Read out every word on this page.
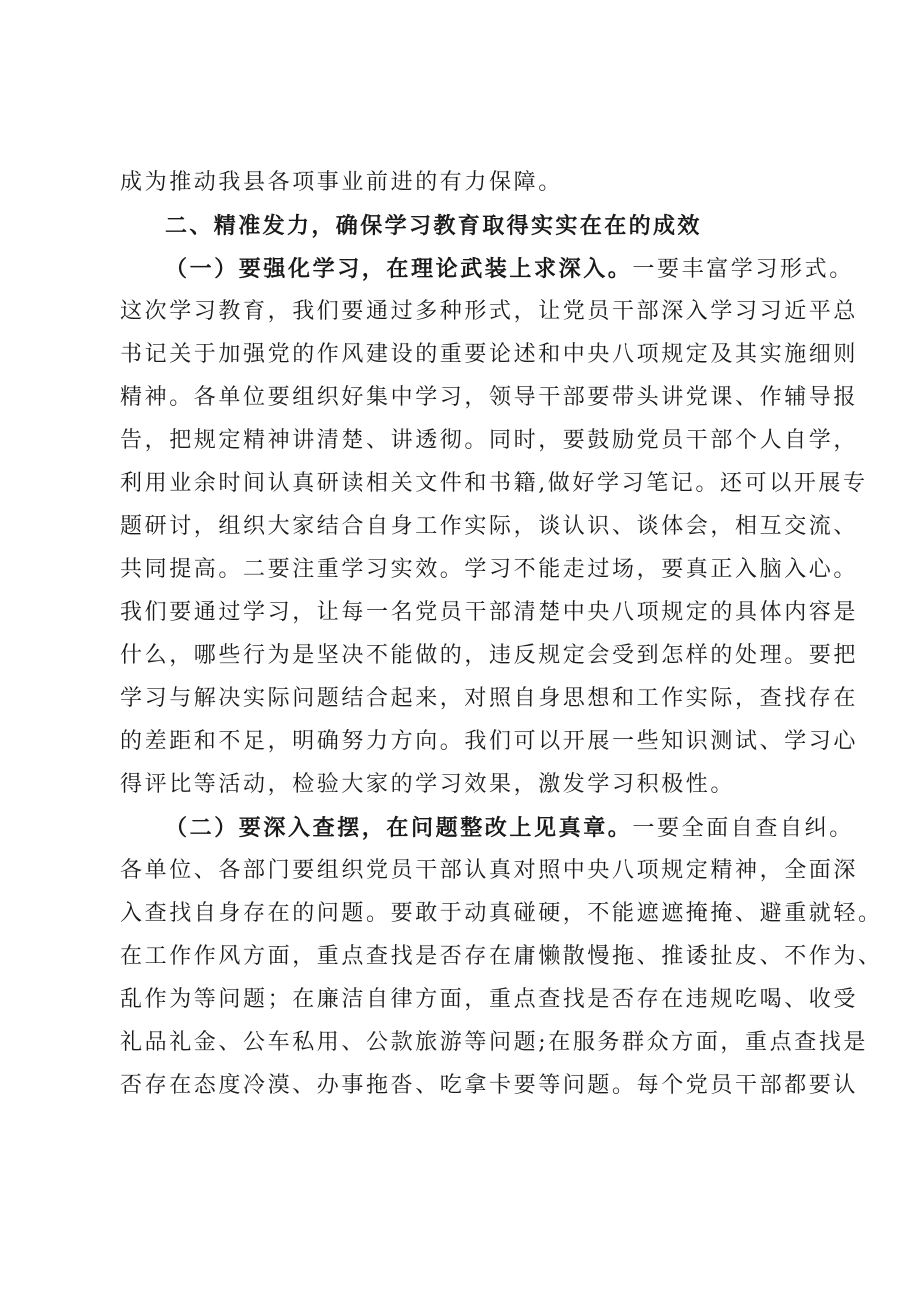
成为推动我县各项事业前进的有力保障。
二、精准发力，确保学习教育取得实实在在的成效
（一）要强化学习，在理论武装上求深入。一要丰富学习形式。
这次学习教育，我们要通过多种形式，让党员干部深入学习习近平总
书记关于加强党的作风建设的重要论述和中央八项规定及其实施细则
精神。各单位要组织好集中学习，领导干部要带头讲党课、作辅导报
告，把规定精神讲清楚、讲透彻。同时，要鼓励党员干部个人自学，
利用业余时间认真研读相关文件和书籍,做好学习笔记。还可以开展专
题研讨，组织大家结合自身工作实际，谈认识、谈体会，相互交流、
共同提高。二要注重学习实效。学习不能走过场，要真正入脑入心。
我们要通过学习，让每一名党员干部清楚中央八项规定的具体内容是
什么，哪些行为是坚决不能做的，违反规定会受到怎样的处理。要把
学习与解决实际问题结合起来，对照自身思想和工作实际，查找存在
的差距和不足，明确努力方向。我们可以开展一些知识测试、学习心
得评比等活动，检验大家的学习效果，激发学习积极性。
（二）要深入查摆，在问题整改上见真章。一要全面自查自纠。
各单位、各部门要组织党员干部认真对照中央八项规定精神，全面深
入查找自身存在的问题。要敢于动真碰硬，不能遮遮掩掩、避重就轻。
在工作作风方面，重点查找是否存在庸懒散慢拖、推诿扯皮、不作为、
乱作为等问题；在廉洁自律方面，重点查找是否存在违规吃喝、收受
礼品礼金、公车私用、公款旅游等问题;在服务群众方面，重点查找是
否存在态度冷漠、办事拖沓、吃拿卡要等问题。每个党员干部都要认
